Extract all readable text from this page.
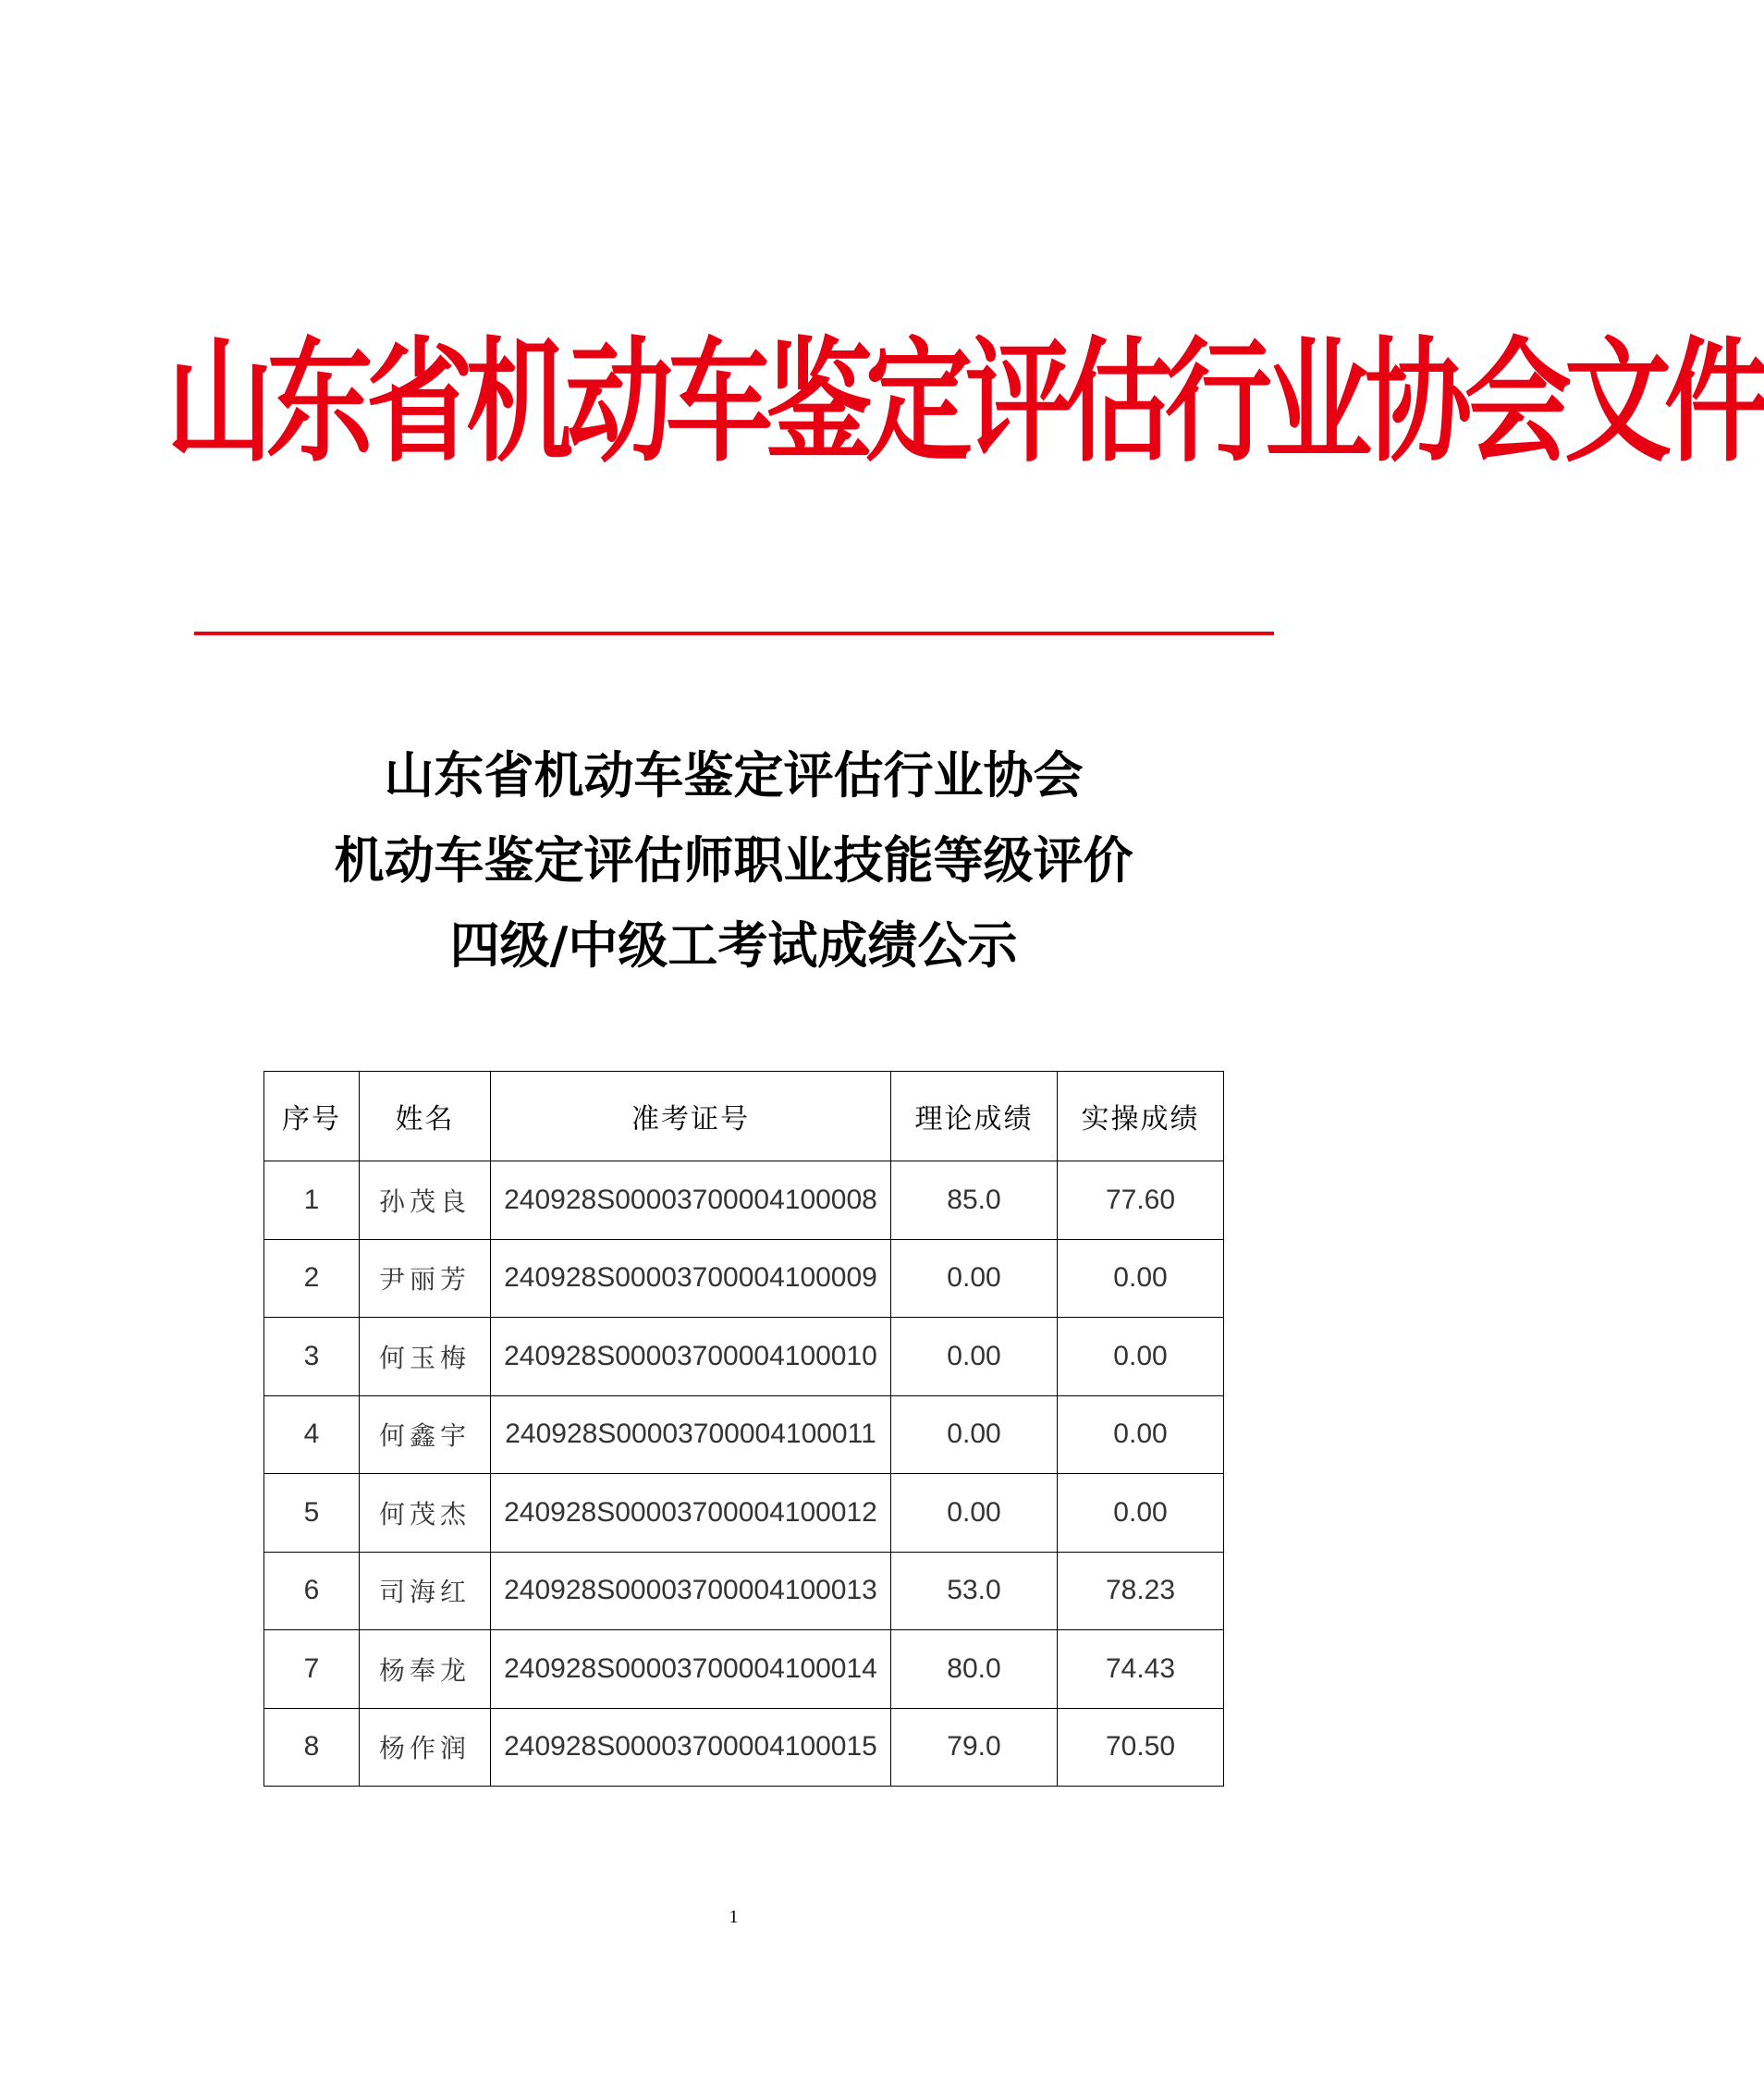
山东省机动车鉴定评估行业协会文件
山东省机动车鉴定评估行业协会
机动车鉴定评估师职业技能等级评价
四级/中级工考试成绩公示
序号	姓名	准考证号	理论成绩	实操成绩
1	孙茂良	240928S00003700004100008	85.0	77.60
2	尹丽芳	240928S00003700004100009	0.00	0.00
3	何玉梅	240928S00003700004100010	0.00	0.00
4	何鑫宇	240928S00003700004100011	0.00	0.00
5	何茂杰	240928S00003700004100012	0.00	0.00
6	司海红	240928S00003700004100013	53.0	78.23
7	杨奉龙	240928S00003700004100014	80.0	74.43
8	杨作润	240928S00003700004100015	79.0	70.50
1
